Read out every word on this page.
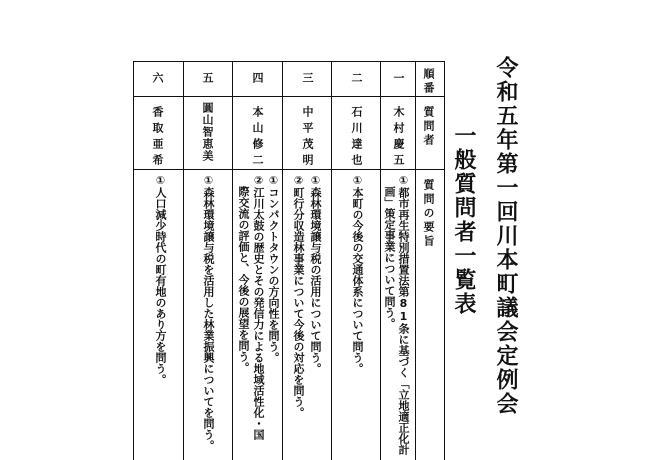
令和五年第一回川本町議会定例会
一般質問者一覧表
順番
質問者
質問の要旨
一
木村慶五
①都市再生特別措置法第81条に基づく「立地適正化計
画」策定事業について問う。
二
石川達也
①本町の今後の交通体系について問う。
三
中平茂明
①森林環境譲与税の活用について問う。
②町行分収造林事業について今後の対応を問う。
四
本山修二
①コンパクトタウンの方向性を問う。
②江川太鼓の歴史とその発信力による地域活性化・国
際交流の評価と、今後の展望を問う。
五
圓山智恵美
①森林環境譲与税を活用した林業振興についてを問う。
六
香取亜希
①人口減少時代の町有地のあり方を問う。
